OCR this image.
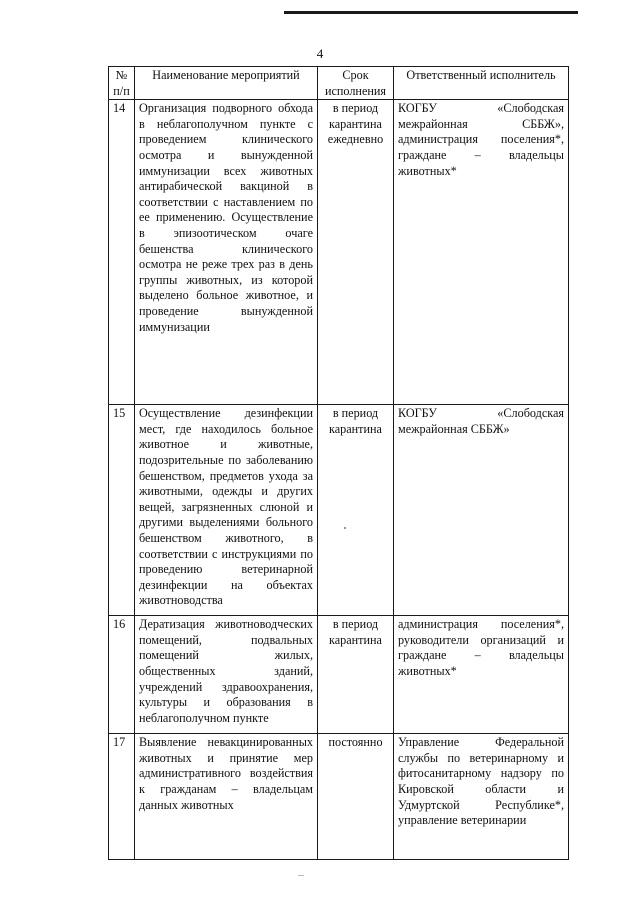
4
№ п/п	Наименование мероприятий	Срок исполнения	Ответственный исполнитель
14	Организация подворного обхода в неблагополучном пункте с проведением клинического осмотра и вынужденной иммунизации всех животных антирабической вакциной в соответствии с наставлением по ее применению. Осуществление в эпизоотическом очаге бешенства клинического осмотра не реже трех раз в день группы животных, из которой выделено больное животное, и проведение вынужденной иммунизации	в период карантина ежедневно	КОГБУ «Слободская межрайонная СББЖ», администрация поселения*, граждане – владельцы животных*
15	Осуществление дезинфекции мест, где находилось больное животное и животные, подозрительные по заболеванию бешенством, предметов ухода за животными, одежды и других вещей, загрязненных слюной и другими выделениями больного бешенством животного, в соответствии с инструкциями по проведению ветеринарной дезинфекции на объектах животноводства	в период карантина	КОГБУ «Слободская межрайонная СББЖ»
16	Дератизация животноводческих помещений, подвальных помещений жилых, общественных зданий, учреждений здравоохранения, культуры и образования в неблагополучном пункте	в период карантина	администрация поселения*, руководители организаций и граждане – владельцы животных*
17	Выявление невакцинированных животных и принятие мер административного воздействия к гражданам – владельцам данных животных	постоянно	Управление Федеральной службы по ветеринарному и фитосанитарному надзору по Кировской области и Удмуртской Республике*, управление ветеринарии
